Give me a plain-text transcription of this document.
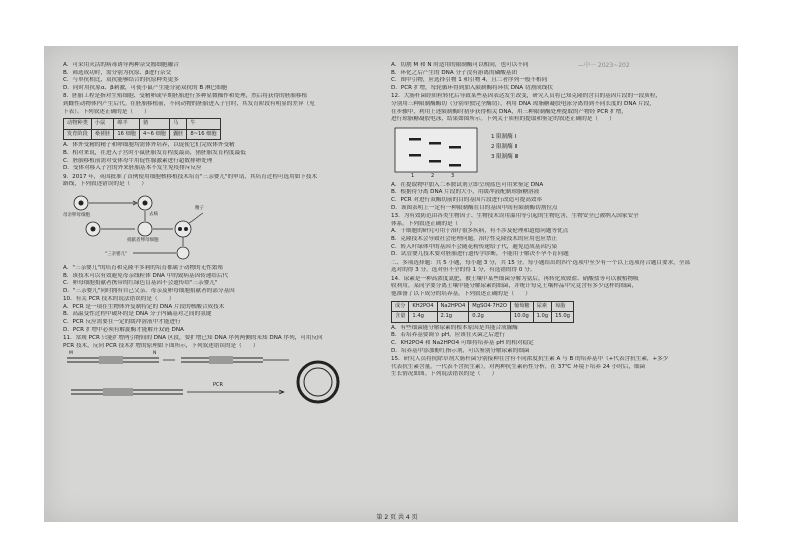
—中一 2023~202
A．可采用灭活的病毒诱导两种杂交瘤细胞融合
B．筛选成功时，需分别为抗原、β进行杂交
C．与单抗相比，双抗能够结合的抗原种类更多
D．同时用抗原α、β刺激，可使小鼠产生能分泌双抗的 B 淋巴细胞
8．胚胎工程是指对生殖细胞、受精卵或早期胚胎进行多种显微操作和处理，然后将获得的胚胎移植
到雌性动物体内产生后代。在胚胎移植前，不同动物的胚胎进入子宫时，其发育阶段有明显的差异（见
下表）。下列叙述正确的是（　　）
动物种类	小鼠	绵羊	猪	马	牛
发育阶段	桑葚胚	16 细胞	4~6 细胞	囊胚	8~16 细胞
A．体外受精的精子和卵细胞均需体外培养，以促使它们完成体外受精
B．相对来说，在进入子宫时小鼠胚胎发育程度最高，猪胚胎发育程度最低
C．胚胎移植前需对受体母牛用促性腺激素进行超数排卵处理
D．受体对移入子宫的外来胚胎基本不发生免疫排斥反应
9．2017 年，英国批准了首例使用细胞核移植技术培育"三亲婴儿"的申请，其培育过程可选用如下技术
路线，下列叙述错误的是（　　）
母亲卵母细胞	去核
捐献者卵母细胞
"三亲婴儿"
精子
A．"三亲婴儿"的培育和克隆羊多莉的培育都属于动物的无性繁殖
B．该技术可以有效避免母亲线粒体 DNA 中的致病基因传递给后代
C．卵母细胞捐献者携带的红绿色盲基因不会遗传给"三亲婴儿"
D．"三亲婴儿"同时拥有自己父亲、母亲及卵母细胞捐献者的部分基因
10．有关 PCR 技术的说法错误的是（　　）
A．PCR 是一项在生物体外复制特定的 DNA 片段的核酸合成技术
B．高温变性过程中破坏的是 DNA 分子内碱基对之间的氢键
C．PCR 反应需要在一定的缓冲溶液中才能进行
D．PCR 扩增中必须有解旋酶才能解开双链 DNA
11．常规 PCR 只能扩增两引物间的 DNA 区段，要扩增已知 DNA 序列两侧的未知 DNA 序列，可用反向
PCR 技术，反向 PCR 技术扩增的原理如下图所示，下列叙述错误的是（　　）
PCR
M	N
A．切割 M 和 N 时适用的限制酶可以相同，也可以不同
B．环化之后产生的 DNA 分子没有游离的磷酸基团
C．图中引物，应选择引物 1 和引物 4，且二者序列一般不相同
D．PCR 扩增，每轮循环得到加入限制酶将环状 DNA 切割成线状
12．大肠杆菌经质粒转化后导致某些基因表达发生改变，研究人员将已知克隆的含目的基因片段的一段质粒，
分别用三种限制酶酶切（分别单独完全酶切），利用 DNA 琼脂糖凝胶电泳分离得到不同长度的 DNA 片段，
在步骤中，利用上述限制酶时初步获得相关 DNA，用三种限制酶处理提取的产物经 PCR 扩增，
进行琼脂糖凝胶电泳，结果如图所示。下列关于质粒的提取和鉴定的叙述正确的是（　　）
1	2	3
1 限制酶 Ⅰ
2 限制酶 Ⅱ
3 限制酶 Ⅲ
A．在提取物中加入二苯胺试剂立即呈现蓝色可用来鉴定 DNA
B．根据待分离 DNA 片段的大小，用缓冲液配制琼脂糖溶液
C．PCR 对进行双酶切前的目的基因片段进行改造可提高效率
D．该图表明上一定有一种限制酶在目的基因中间有限制酶切割位点
13．为有效防范由各类生物因子、生物技术误用滥用等引起的生物危害，生物安全已被纳入国家安全
体系。下列叙述正确的是（　　）
A．干细胞的研究可用于治疗很多疾病，有不涉及伦理和道德问题等优点
B．克隆技术会导致社会伦理问题，治疗性克隆技术的应用也应禁止
C．转入叶绿体中的基因不会随花粉传递给子代，避免造成基因污染
D．试管婴儿技术要对胚胎进行遗传学诊断，不能用于解决不孕不育问题
二、多项选择题：共 5 小题，每小题 3 分，共 15 分。每小题给出的四个选项中至少有一个以上选项符合题目要求，全部
选对的得 3 分，选对但不全的得 1 分，有选错的得 0 分。
14．尿素是一种高浓度氮肥，被土壤中某些细菌分解为氨后，再转化成铵盐、硝酸盐等可以被植物吸
收利用。某同学要分离土壤中能分解尿素的细菌，并统计每克土壤样品中究竟含有多少这样的细菌，
他准备了以下成分的培养基。下列叙述正确的是（　　）
成分	KH2PO4	Na2HPO4	MgSO4·7H2O	葡萄糖	尿素	琼脂
含量	1.4g	2.1g	0.2g	10.0g	1.0g	15.0g
A．有些细菌能分解尿素的根本原因是其能合成脲酶
B．若培养基要调节 pH，应该在灭菌之后进行
C．KH2PO4 和 Na2HPO4 可维持培养基 pH 的相对稳定
D．培养基中添加酚红指示剂，可以鉴别分解尿素的细菌
15．研究人员将抗除草剂大肠杆菌分别接种在含有不同浓度抗生素 A 与 B 的培养基中（+代表含抗生素，+多少
代表抗生素含量，一代表不含抗生素），对两种抗生素药性分析，在 37℃ 环境下培养 24 小时后，细菌
生长情况如图。下列说法错误的是（　　）
第 2 页 共 4 页
